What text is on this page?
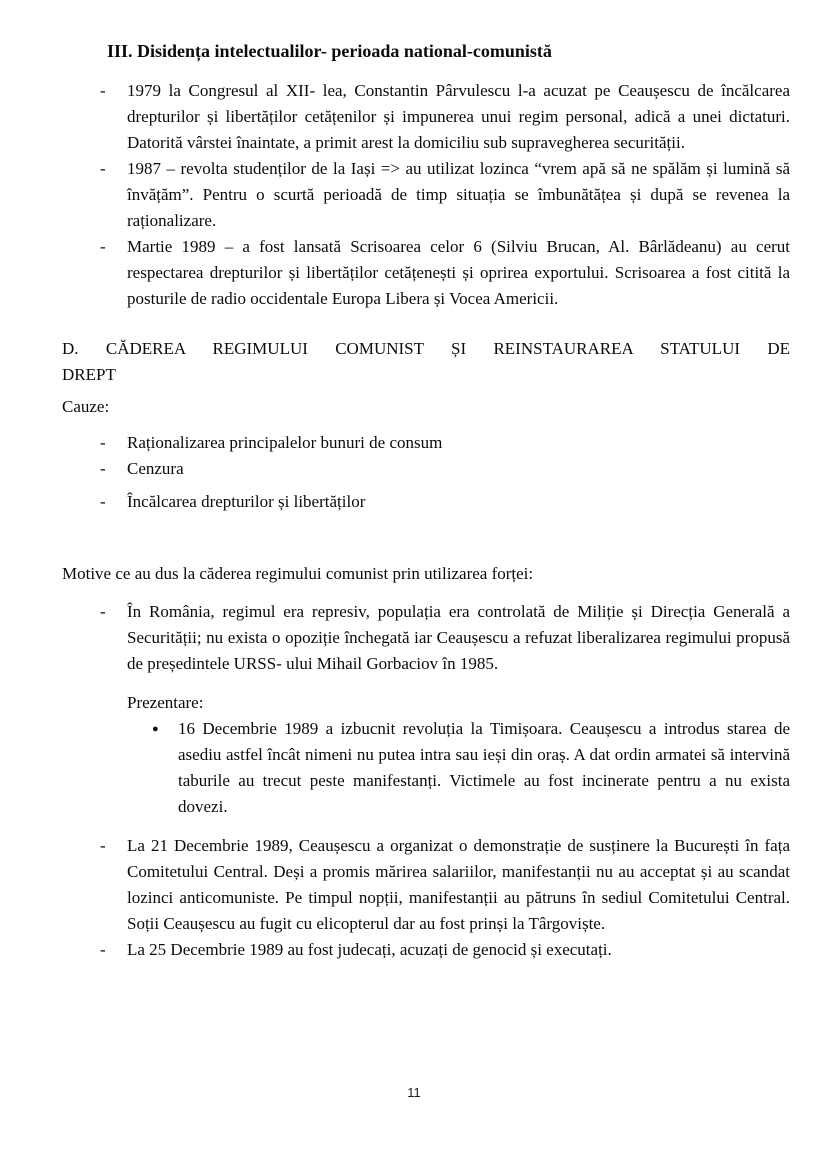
III. Disidența intelectualilor- perioada national-comunistă
-	1979 la Congresul al XII- lea, Constantin Pârvulescu l-a acuzat pe Ceaușescu de încălcarea drepturilor și libertăților cetățenilor și impunerea unui regim personal, adică a unei dictaturi. Datorită vârstei înaintate, a primit arest la domiciliu sub supravegherea securității.
-	1987 – revolta studenților de la Iași => au utilizat lozinca “vrem apă să ne spălăm și lumină să învățăm”. Pentru o scurtă perioadă de timp situația se îmbunătățea și după se revenea la raționalizare.
-	Martie 1989 – a fost lansată Scrisoarea celor 6 (Silviu Brucan, Al. Bârlădeanu) au cerut respectarea drepturilor și libertăților cetățenești și oprirea exportului. Scrisoarea a fost citită la posturile de radio occidentale Europa Libera și Vocea Americii.
D. CĂDEREA REGIMULUI COMUNIST ȘI REINSTAURAREA STATULUI DE
DREPT

Cauze:

-	Raționalizarea principalelor bunuri de consum
-	Cenzura
-	Încălcarea drepturilor și libertăților

Motive ce au dus la căderea regimului comunist prin utilizarea forței:

-	În România, regimul era represiv, populația era controlată de Miliție și Direcția Generală a Securității; nu exista o opoziție închegată iar Ceaușescu a refuzat liberalizarea regimului propusă de președintele URSS- ului Mihail Gorbaciov în 1985.

Prezentare:

●	16 Decembrie 1989 a izbucnit revoluția la Timișoara. Ceaușescu a introdus starea de asediu astfel încât nimeni nu putea intra sau ieși din oraș. A dat ordin armatei să intervină taburile au trecut peste manifestanți. Victimele au fost incinerate pentru a nu exista dovezi.
-	La 21 Decembrie 1989, Ceaușescu a organizat o demonstrație de susținere la București în fața Comitetului Central. Deși a promis mărirea salariilor, manifestanții nu au acceptat și au scandat lozinci anticomuniste. Pe timpul nopții, manifestanții au pătruns în sediul Comitetului Central. Soții Ceaușescu au fugit cu elicopterul dar au fost prinși la Târgoviște.
-	La 25 Decembrie 1989 au fost judecați, acuzați de genocid și executați.
11
